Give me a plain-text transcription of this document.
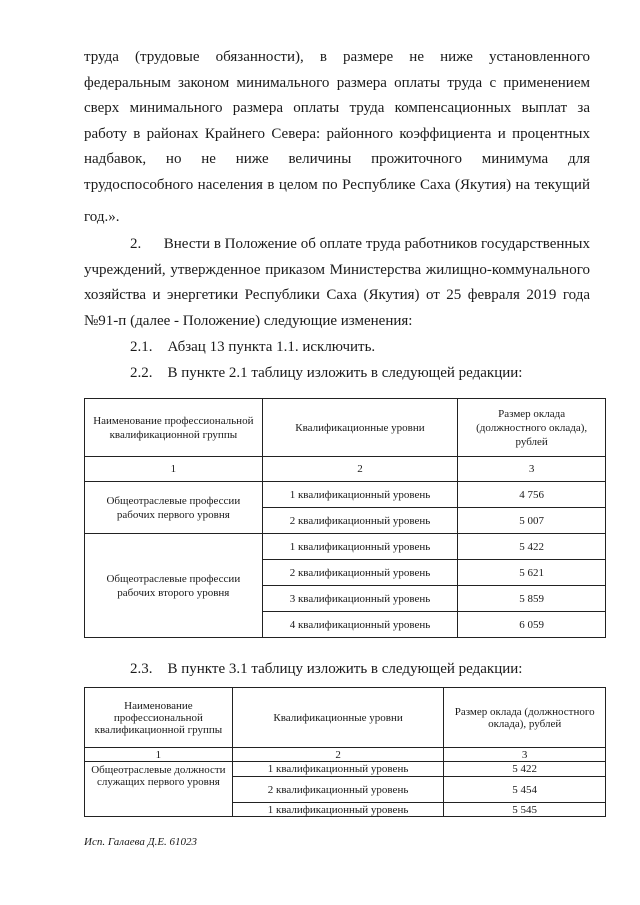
труда (трудовые обязанности), в размере не ниже установленного федеральным законом минимального размера оплаты труда с применением сверх минимального размера оплаты труда компенсационных выплат за работу в районах Крайнего Севера: районного коэффициента и процентных надбавок, но не ниже величины прожиточного минимума для трудоспособного населения в целом по Республике Саха (Якутия) на текущий

год.».

2.      Внести в Положение об оплате труда работников государственных учреждений, утвержденное приказом Министерства жилищно-коммунального хозяйства и энергетики Республики Саха (Якутия) от 25 февраля 2019 года

№91-п (далее - Положение) следующие изменения:
2.1.    Абзац 13 пункта 1.1. исключить.
2.2.    В пункте 2.1 таблицу изложить в следующей редакции:
Наименование профессиональной квалификационной группы	Квалификационные уровни	Размер оклада (должностного оклада), рублей
1	2	3
Общеотраслевые профессии рабочих первого уровня	1 квалификационный уровень	4 756
	2 квалификационный уровень	5 007
Общеотраслевые профессии рабочих второго уровня	1 квалификационный уровень	5 422
	2 квалификационный уровень	5 621
	3 квалификационный уровень	5 859
	4 квалификационный уровень	6 059
2.3.    В пункте 3.1 таблицу изложить в следующей редакции:
Наименование профессиональной квалификационной группы	Квалификационные уровни	Размер оклада (должностного оклада), рублей
1	2	3
Общеотраслевые должности служащих первого уровня	1 квалификационный уровень	5 422
	2 квалификационный уровень	5 454
	1 квалификационный уровень	5 545
Исп. Галаева Д.Е. 61023
